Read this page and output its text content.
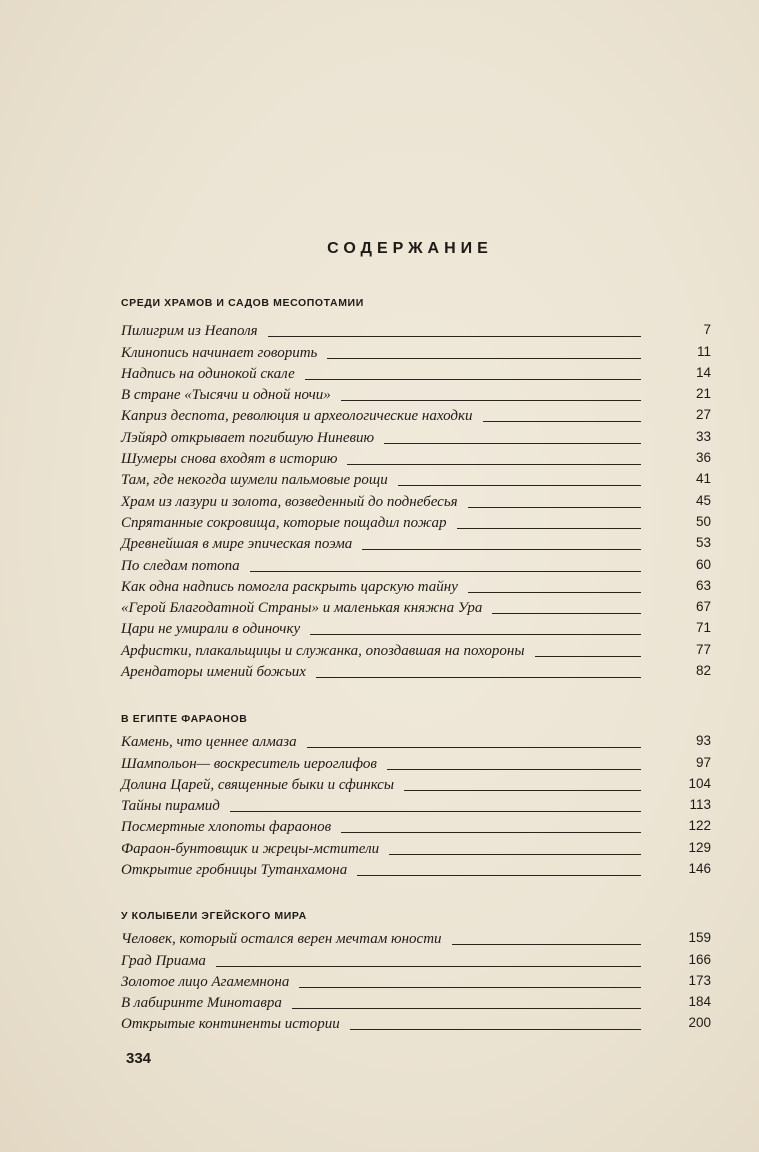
СОДЕРЖАНИЕ
СРЕДИ ХРАМОВ И САДОВ МЕСОПОТАМИИ
Пилигрим из Неаполя	7
Клинопись начинает говорить	11
Надпись на одинокой скале	14
В стране «Тысячи и одной ночи»	21
Каприз деспота, революция и археологические находки	27
Лэйярд открывает погибшую Ниневию	33
Шумеры снова входят в историю	36
Там, где некогда шумели пальмовые рощи	41
Храм из лазури и золота, возведенный до поднебесья	45
Спрятанные сокровища, которые пощадил пожар	50
Древнейшая в мире эпическая поэма	53
По следам потопа	60
Как одна надпись помогла раскрыть царскую тайну	63
«Герой Благодатной Страны» и маленькая княжна Ура	67
Цари не умирали в одиночку	71
Арфистки, плакальщицы и служанка, опоздавшая на похороны	77
Арендаторы имений божьих	82
В ЕГИПТЕ ФАРАОНОВ
Камень, что ценнее алмаза	93
Шампольон— воскреситель иероглифов	97
Долина Царей, священные быки и сфинксы	104
Тайны пирамид	113
Посмертные хлопоты фараонов	122
Фараон-бунтовщик и жрецы-мстители	129
Открытие гробницы Тутанхамона	146
У КОЛЫБЕЛИ ЭГЕЙСКОГО МИРА
Человек, который остался верен мечтам юности	159
Град Приама	166
Золотое лицо Агамемнона	173
В лабиринте Минотавра	184
Открытые континенты истории	200
334
